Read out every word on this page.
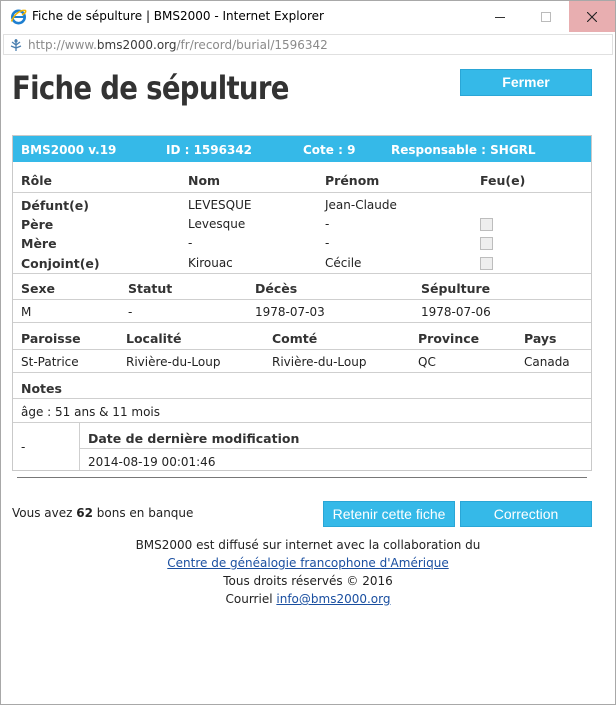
Fiche de sépulture | BMS2000 - Internet Explorer
http://www.bms2000.org/fr/record/burial/1596342
Fiche de sépulture	Fermer
BMS2000 v.19	ID : 1596342	Cote : 9	Responsable : SHGRL
Rôle	Nom	Prénom	Feu(e)
Défunt(e)	LEVESQUE	Jean-Claude
Père	Levesque	-
Mère	-	-
Conjoint(e)	Kirouac	Cécile
Sexe	Statut	Décès	Sépulture
M	-	1978-07-03	1978-07-06
Paroisse	Localité	Comté	Province	Pays
St-Patrice	Rivière-du-Loup	Rivière-du-Loup	QC	Canada
Notes
âge : 51 ans & 11 mois
-
Date de dernière modification
2014-08-19 00:01:46
Vous avez 62 bons en banque	Retenir cette fiche	Correction
BMS2000 est diffusé sur internet avec la collaboration du
Centre de généalogie francophone d'Amérique
Tous droits réservés © 2016
Courriel info@bms2000.org
